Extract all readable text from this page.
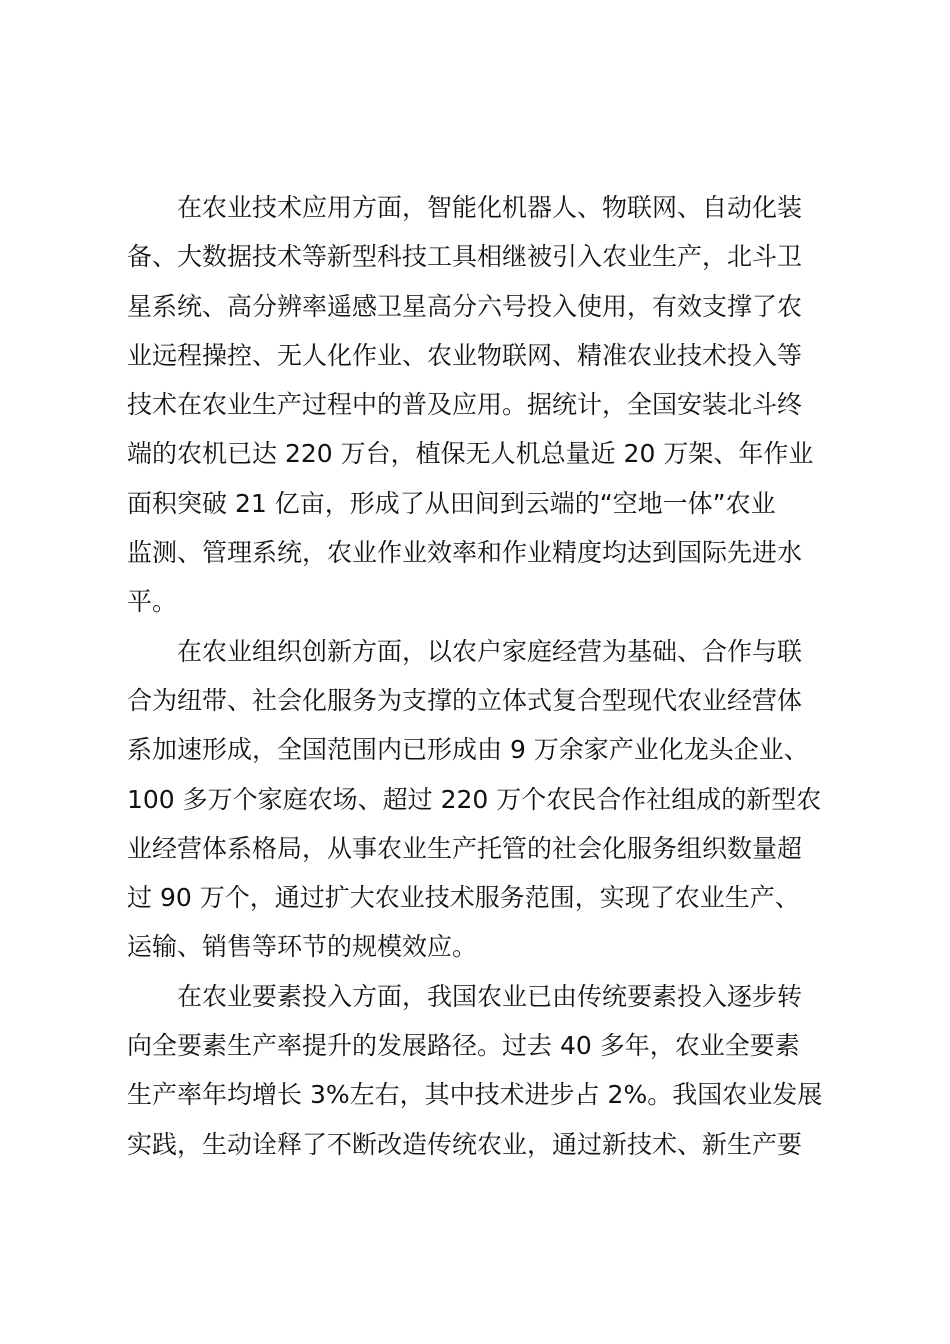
在农业技术应用方面，智能化机器人、物联网、自动化装
备、大数据技术等新型科技工具相继被引入农业生产，北斗卫
星系统、高分辨率遥感卫星高分六号投入使用，有效支撑了农
业远程操控、无人化作业、农业物联网、精准农业技术投入等
技术在农业生产过程中的普及应用。据统计，全国安装北斗终
端的农机已达 220 万台，植保无人机总量近 20 万架、年作业
面积突破 21 亿亩，形成了从田间到云端的“空地一体”农业
监测、管理系统，农业作业效率和作业精度均达到国际先进水
平。
在农业组织创新方面，以农户家庭经营为基础、合作与联
合为纽带、社会化服务为支撑的立体式复合型现代农业经营体
系加速形成，全国范围内已形成由 9 万余家产业化龙头企业、
100 多万个家庭农场、超过 220 万个农民合作社组成的新型农
业经营体系格局，从事农业生产托管的社会化服务组织数量超
过 90 万个，通过扩大农业技术服务范围，实现了农业生产、
运输、销售等环节的规模效应。
在农业要素投入方面，我国农业已由传统要素投入逐步转
向全要素生产率提升的发展路径。过去 40 多年，农业全要素
生产率年均增长 3%左右，其中技术进步占 2%。我国农业发展
实践，生动诠释了不断改造传统农业，通过新技术、新生产要
